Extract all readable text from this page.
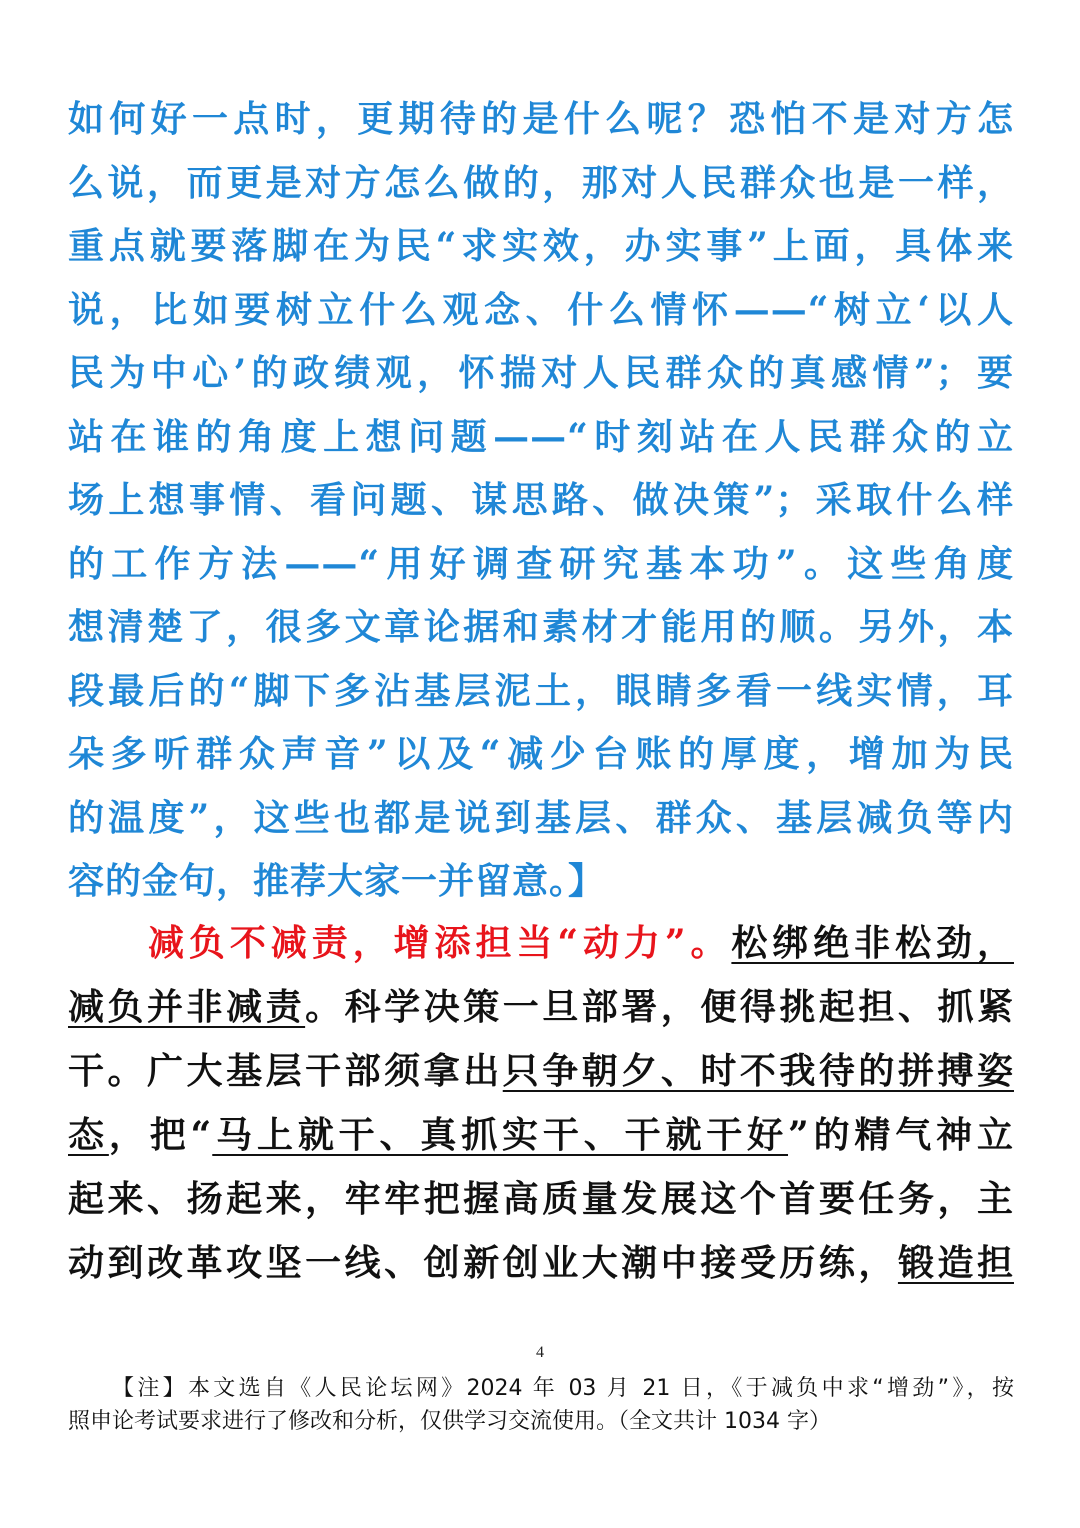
如何好一点时，更期待的是什么呢？恐怕不是对方怎
么说，而更是对方怎么做的，那对人民群众也是一样，
重点就要落脚在为民“求实效，办实事”上面，具体来
说，比如要树立什么观念、什么情怀——“树立‘以人
民为中心’的政绩观，怀揣对人民群众的真感情”；要
站在谁的角度上想问题——“时刻站在人民群众的立
场上想事情、看问题、谋思路、做决策”；采取什么样
的工作方法——“用好调查研究基本功”。这些角度
想清楚了，很多文章论据和素材才能用的顺。另外，本
段最后的“脚下多沾基层泥土，眼睛多看一线实情，耳
朵多听群众声音”以及“减少台账的厚度，增加为民
的温度”，这些也都是说到基层、群众、基层减负等内
容的金句，推荐大家一并留意。】
减负不减责，增添担当“动力”。松绑绝非松劲，
减负并非减责。科学决策一旦部署，便得挑起担、抓紧
干。广大基层干部须拿出只争朝夕、时不我待的拼搏姿
态，把“马上就干、真抓实干、干就干好”的精气神立
起来、扬起来，牢牢把握高质量发展这个首要任务，主
动到改革攻坚一线、创新创业大潮中接受历练，锻造担
4
【注】本文选自《人民论坛网》2024 年 03 月 21 日，《于减负中求“增劲”》，按
照申论考试要求进行了修改和分析，仅供学习交流使用。（全文共计 1034 字）
